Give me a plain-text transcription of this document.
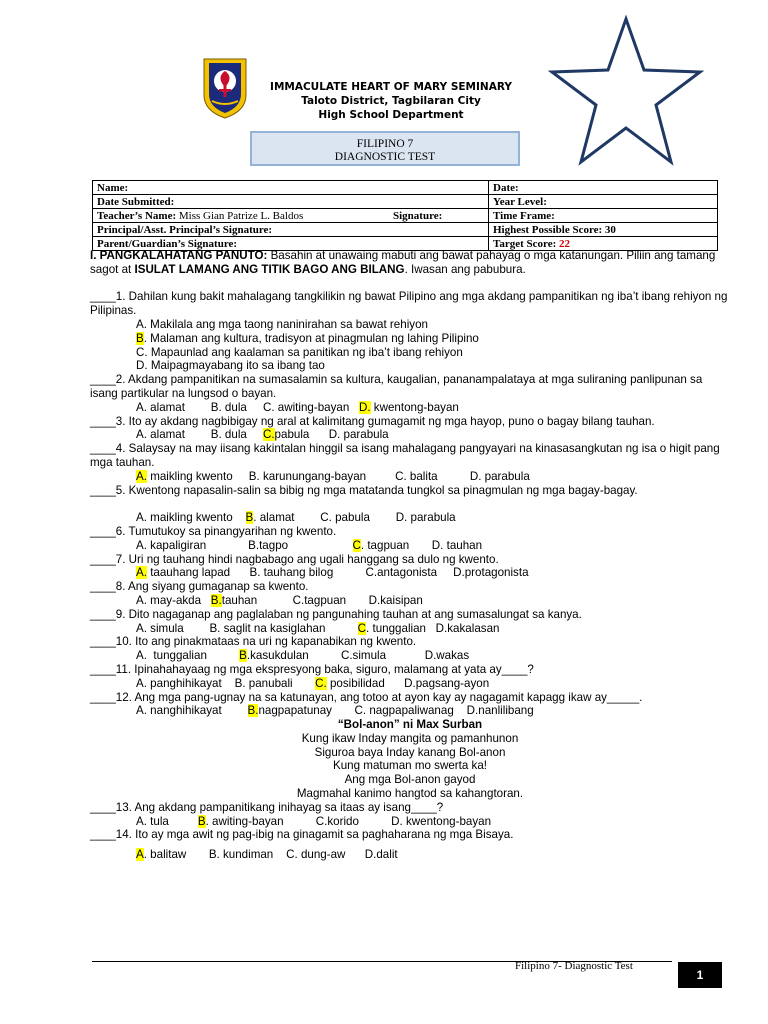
IMMACULATE HEART OF MARY SEMINARY
Taloto District, Tagbilaran City
High School Department
FILIPINO 7
DIAGNOSTIC TEST
Name:	Date:
Date Submitted:	Year Level:
Teacher’s Name: Miss Gian Patrize L. Baldos Signature:	Time Frame:
Principal/Asst. Principal’s Signature:	Highest Possible Score: 30
Parent/Guardian’s Signature:	Target Score: 22

I. PANGKALAHATANG PANUTO: Basahin at unawaing mabuti ang bawat pahayag o mga katanungan. Piliin ang tamang sagot at ISULAT LAMANG ANG TITIK BAGO ANG BILANG. Iwasan ang pabubura.

____1. Dahilan kung bakit mahalagang tangkilikin ng bawat Pilipino ang mga akdang pampanitikan ng iba’t ibang rehiyon ng Pilipinas.

A. Makilala ang mga taong naninirahan sa bawat rehiyon

B. Malaman ang kultura, tradisyon at pinagmulan ng lahing Pilipino

C. Mapaunlad ang kaalaman sa panitikan ng iba’t ibang rehiyon

D. Maipagmayabang ito sa ibang tao

____2. Akdang pampanitikan na sumasalamin sa kultura, kaugalian, pananampalataya at mga suliraning panlipunan sa isang partikular na lungsod o bayan.

A. alamat        B. dula     C. awiting-bayan   D. kwentong-bayan

____3. Ito ay akdang nagbibigay ng aral at kalimitang gumagamit ng mga hayop, puno o bagay bilang tauhan.

A. alamat        B. dula     C.pabula      D. parabula

____4. Salaysay na may iisang kakintalan hinggil sa isang mahalagang pangyayari na kinasasangkutan ng isa o higit pang mga tauhan.

A. maikling kwento     B. karunungang-bayan         C. balita          D. parabula

____5. Kwentong napasalin-salin sa bibig ng mga matatanda tungkol sa pinagmulan ng mga bagay-bagay.

A. maikling kwento    B. alamat        C. pabula        D. parabula

____6. Tumutukoy sa pinangyarihan ng kwento.

A. kapaligiran             B.tagpo                    C. tagpuan       D. tauhan

____7. Uri ng tauhang hindi nagbabago ang ugali hanggang sa dulo ng kwento.

A. taauhang lapad      B. tauhang bilog          C.antagonista     D.protagonista

____8. Ang siyang gumaganap sa kwento.

A. may-akda   B.tauhan           C.tagpuan       D.kaisipan

____9. Dito nagaganap ang paglalaban ng pangunahing tauhan at ang sumasalungat sa kanya.

A. simula        B. saglit na kasiglahan          C. tunggalian   D.kakalasan

____10. Ito ang pinakmataas na uri ng kapanabikan ng kwento.

A.  tunggalian          B.kasukdulan          C.simula            D.wakas

____11. Ipinahahayaag ng mga ekspresyong baka, siguro, malamang at yata ay____?

A. panghihikayat    B. panubali       C. posibilidad      D.pagsang-ayon

____12. Ang mga pang-ugnay na sa katunayan, ang totoo at ayon kay ay nagagamit kapagg ikaw ay_____.

A. nanghihikayat        B.nagpapatunay       C. nagpapaliwanag    D.nanlilibang

“Bol-anon” ni Max Surban

Kung ikaw Inday mangita og pamanhunon

Siguroa baya Inday kanang Bol-anon

Kung matuman mo swerta ka!

Ang mga Bol-anon gayod

Magmahal kanimo hangtod sa kahangtoran.

____13. Ang akdang pampanitikang inihayag sa itaas ay isang____?

A. tula         B. awiting-bayan          C.korido          D. kwentong-bayan

____14. Ito ay mga awit ng pag-ibig na ginagamit sa paghaharana ng mga Bisaya.

A. balitaw       B. kundiman    C. dung-aw      D.dalit

Filipino 7- Diagnostic Test
1
